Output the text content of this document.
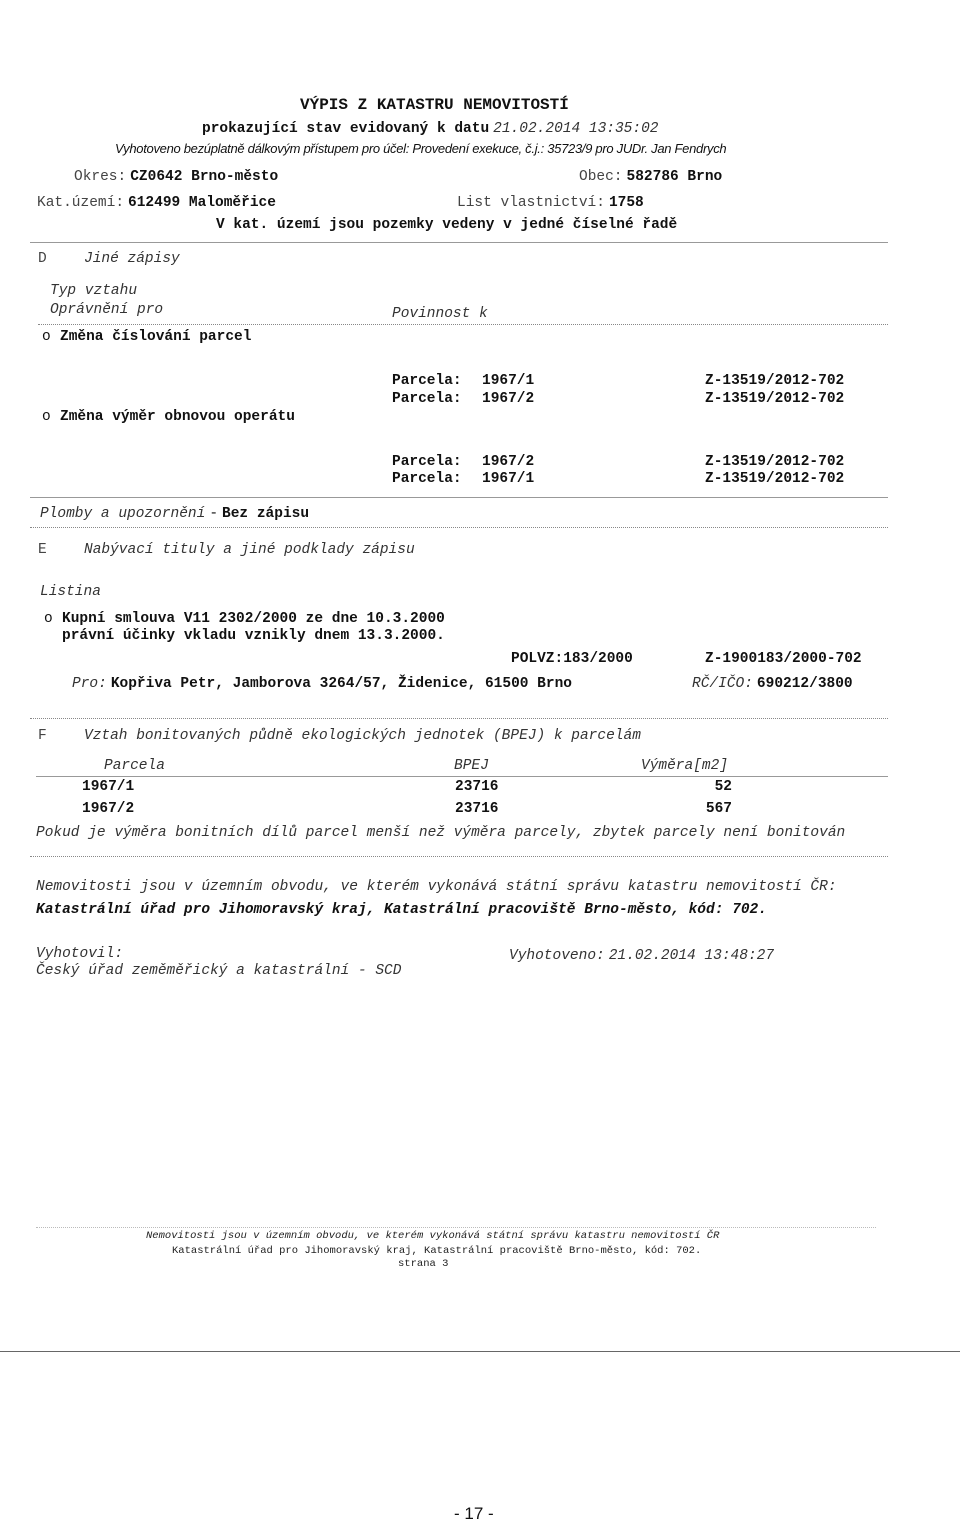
VÝPIS Z KATASTRU NEMOVITOSTÍ
prokazující stav evidovaný k datu 21.02.2014 13:35:02
Vyhotoveno bezúplatně dálkovým přístupem pro účel: Provedení exekuce, č.j.: 35723/9 pro JUDr. Jan Fendrych
Okres: CZ0642 Brno-město	Obec: 582786 Brno
Kat.území: 612499 Maloměřice	List vlastnictví: 1758
V kat. území jsou pozemky vedeny v jedné číselné řadě
D	Jiné zápisy
Typ vztahu
Oprávnění pro	Povinnost k
o Změna číslování parcel
Parcela: 1967/1	Z-13519/2012-702
Parcela: 1967/2	Z-13519/2012-702
o Změna výměr obnovou operátu
Parcela: 1967/2	Z-13519/2012-702
Parcela: 1967/1	Z-13519/2012-702
Plomby a upozornění - Bez zápisu
E	Nabývací tituly a jiné podklady zápisu
Listina
o Kupní smlouva V11 2302/2000 ze dne 10.3.2000
právní účinky vkladu vznikly dnem 13.3.2000.
POLVZ:183/2000	Z-1900183/2000-702
Pro: Kopřiva Petr, Jamborova 3264/57, Židenice, 61500 Brno	RČ/IČO: 690212/3800
F	Vztah bonitovaných půdně ekologických jednotek (BPEJ) k parcelám
Parcela	BPEJ	Výměra[m2]
1967/1	23716	52
1967/2	23716	567
Pokud je výměra bonitních dílů parcel menší než výměra parcely, zbytek parcely není bonitován
Nemovitosti jsou v územním obvodu, ve kterém vykonává státní správu katastru nemovitostí ČR:
Katastrální úřad pro Jihomoravský kraj, Katastrální pracoviště Brno-město, kód: 702.
Vyhotovil:
Český úřad zeměměřický a katastrální - SCD
Vyhotoveno: 21.02.2014 13:48:27
Nemovitosti jsou v územním obvodu, ve kterém vykonává státní správu katastru nemovitostí ČR
Katastrální úřad pro Jihomoravský kraj, Katastrální pracoviště Brno-město, kód: 702.
strana 3
- 17 -
